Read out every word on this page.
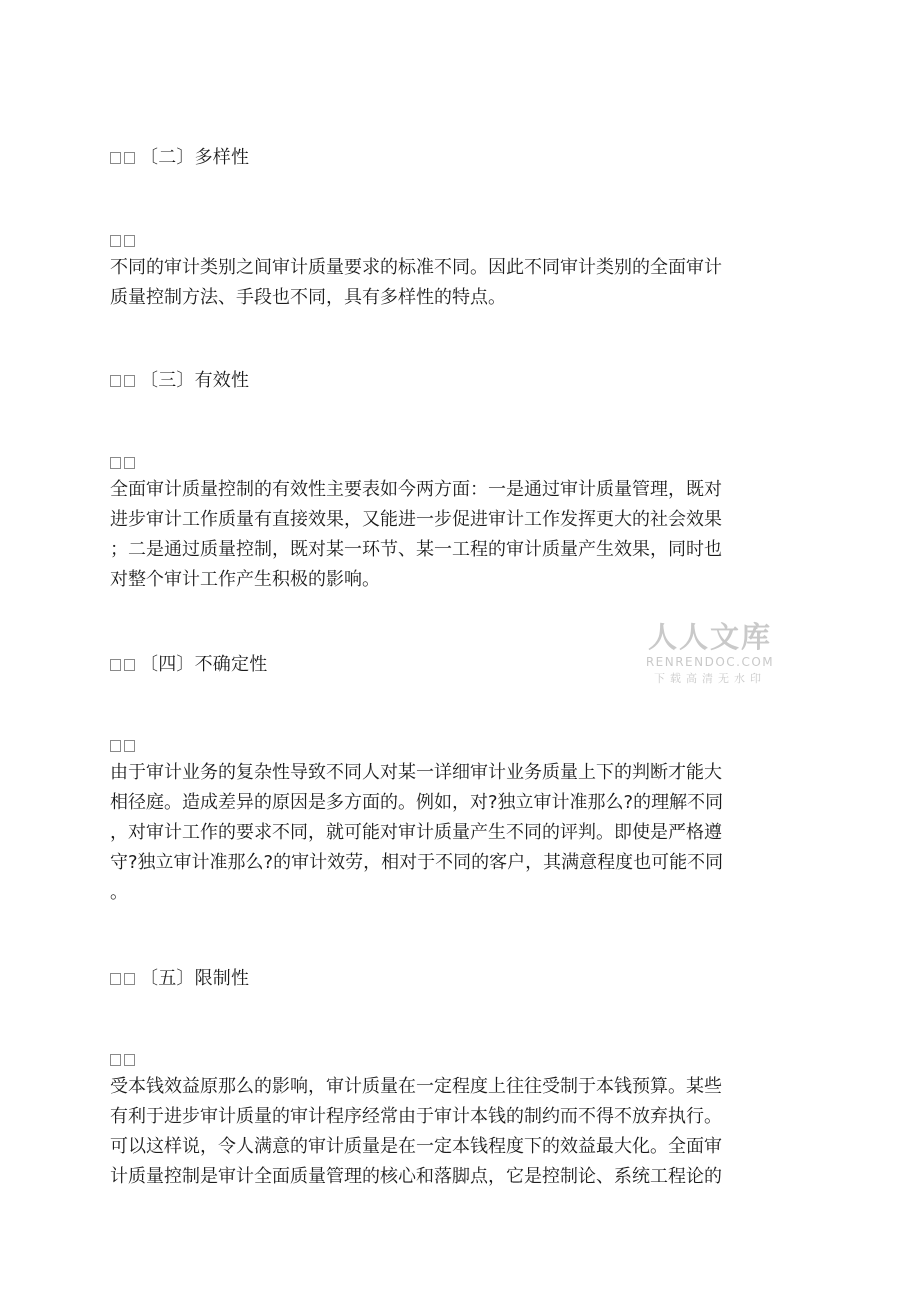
〔二〕多样性
不同的审计类别之间审计质量要求的标准不同。因此不同审计类别的全面审计
质量控制方法、手段也不同，具有多样性的特点。
〔三〕有效性
全面审计质量控制的有效性主要表如今两方面：一是通过审计质量管理，既对
进步审计工作质量有直接效果，又能进一步促进审计工作发挥更大的社会效果
；二是通过质量控制，既对某一环节、某一工程的审计质量产生效果，同时也
对整个审计工作产生积极的影响。
人人文库
RENRENDOC.COM
下载高清无水印
〔四〕不确定性
由于审计业务的复杂性导致不同人对某一详细审计业务质量上下的判断才能大
相径庭。造成差异的原因是多方面的。例如，对?独立审计准那么?的理解不同
，对审计工作的要求不同，就可能对审计质量产生不同的评判。即使是严格遵
守?独立审计准那么?的审计效劳，相对于不同的客户，其满意程度也可能不同
。
〔五〕限制性
受本钱效益原那么的影响，审计质量在一定程度上往往受制于本钱预算。某些
有利于进步审计质量的审计程序经常由于审计本钱的制约而不得不放弃执行。
可以这样说，令人满意的审计质量是在一定本钱程度下的效益最大化。全面审
计质量控制是审计全面质量管理的核心和落脚点，它是控制论、系统工程论的
